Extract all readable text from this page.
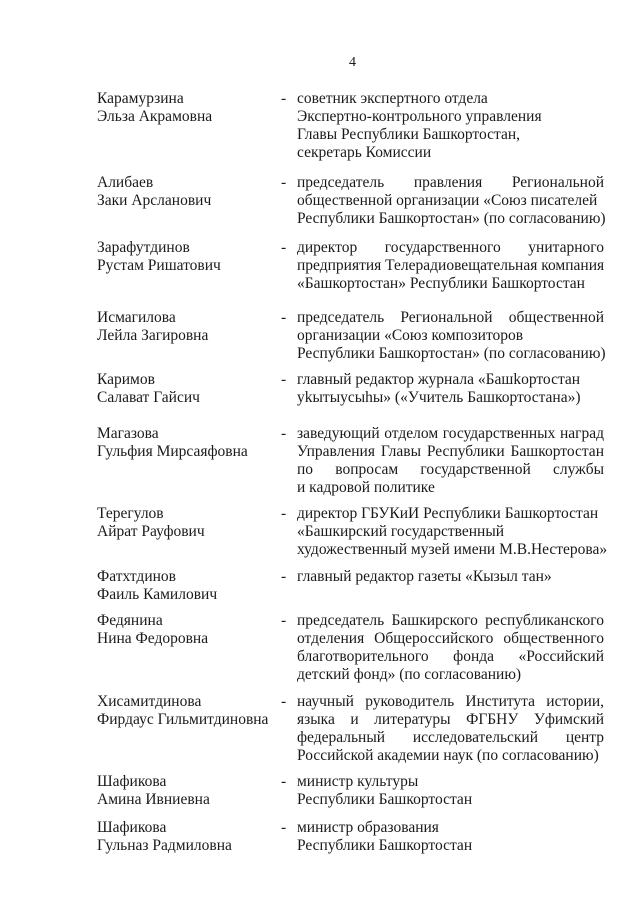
4
Карамурзина
Эльза Акрамовна
- советник экспертного отдела
Экспертно-контрольного управления
Главы Республики Башкортостан,
секретарь Комиссии
Алибаев
Заки Арсланович
- председатель правления Региональной
общественной организации «Союз писателей
Республики Башкортостан» (по согласованию)
Зарафутдинов
Рустам Ришатович
- директор государственного унитарного
предприятия Телерадиовещательная компания
«Башкортостан» Республики Башкортостан
Исмагилова
Лейла Загировна
- председатель Региональной общественной
организации «Союз композиторов
Республики Башкортостан» (по согласованию)
Каримов
Салават Гайсич
- главный редактор журнала «Башkортостан
уkытыусыhы» («Учитель Башкортостана»)
Магазова
Гульфия Мирсаяфовна
- заведующий отделом государственных наград
Управления Главы Республики Башкортостан
по вопросам государственной службы
и кадровой политике
Терегулов
Айрат Рауфович
- директор ГБУКиИ Республики Башкортостан
«Башкирский государственный
художественный музей имени М.В.Нестерова»
Фатхтдинов
Фаиль Камилович
- главный редактор газеты «Кызыл тан»
Федянина
Нина Федоровна
- председатель Башкирского республиканского
отделения Общероссийского общественного
благотворительного фонда «Российский
детский фонд» (по согласованию)
Хисамитдинова
Фирдаус Гильмитдиновна
- научный руководитель Института истории,
языка и литературы ФГБНУ Уфимский
федеральный исследовательский центр
Российской академии наук (по согласованию)
Шафикова
Амина Ивниевна
- министр культуры
Республики Башкортостан
Шафикова
Гульназ Радмиловна
- министр образования
Республики Башкортостан
